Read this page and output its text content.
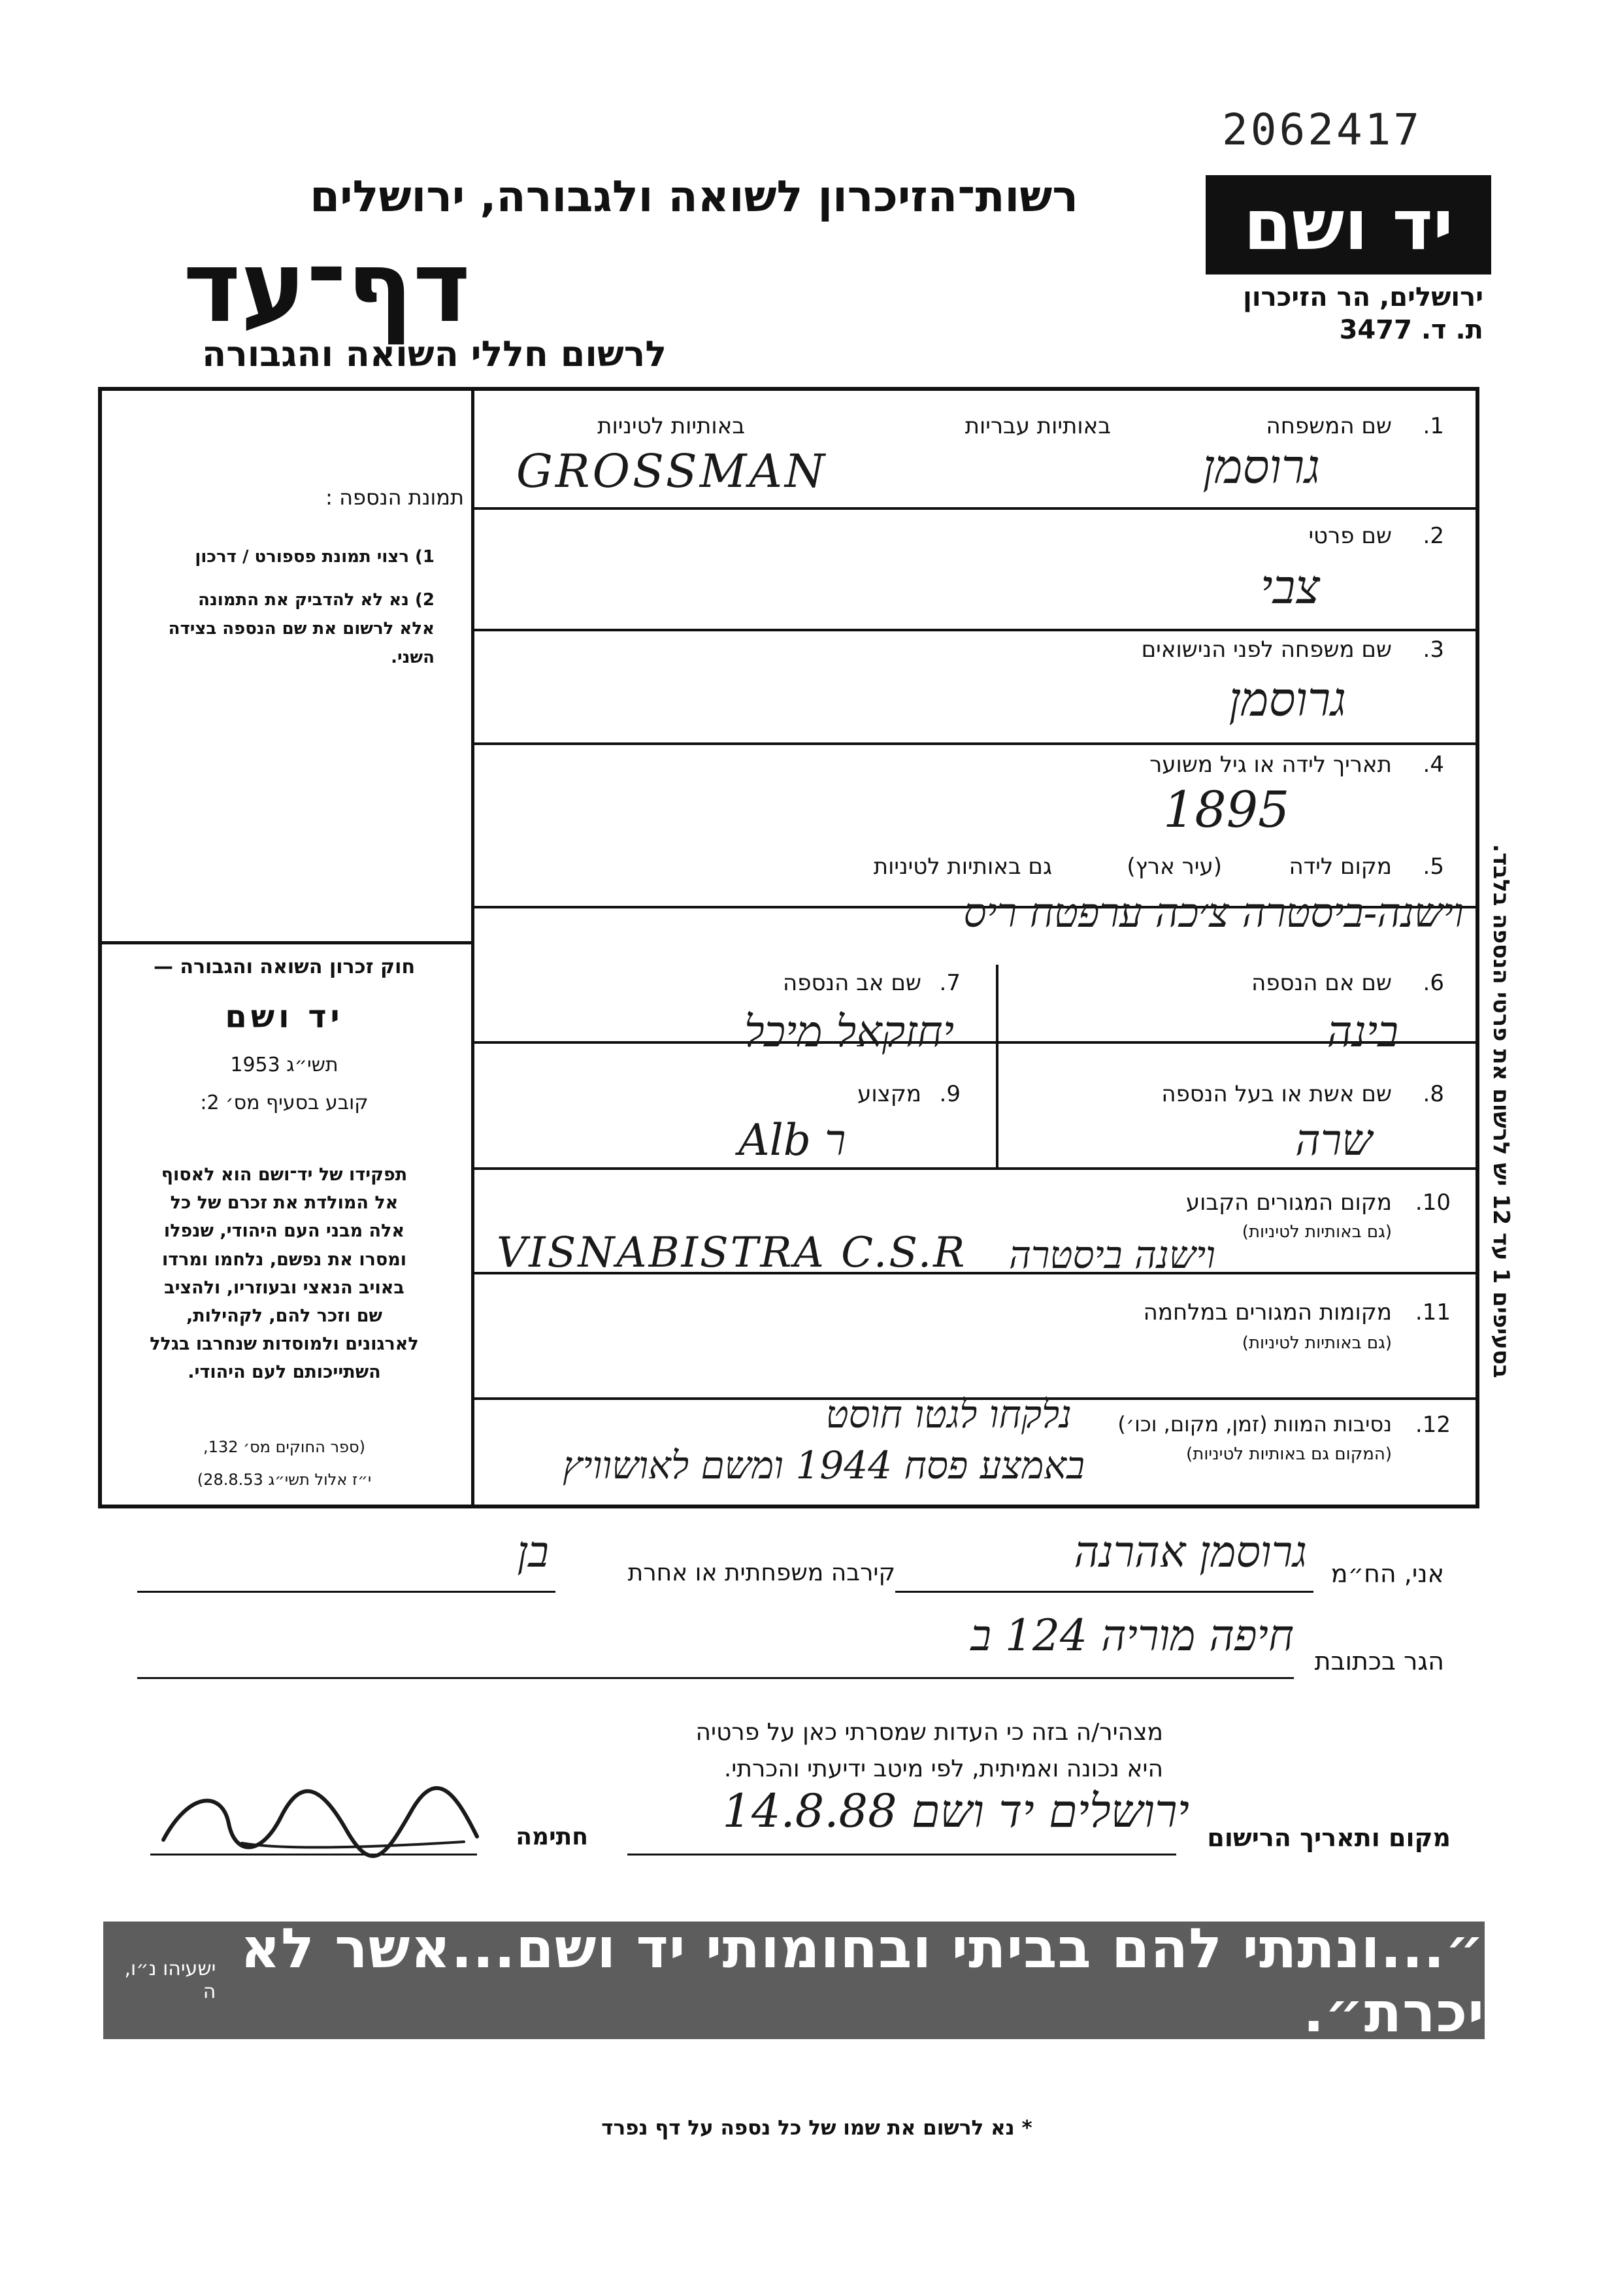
2062417
יד ושם
ירושלים, הר הזיכרון
ת. ד. 3477
רשות־הזיכרון לשואה ולגבורה, ירושלים
דף־עד
לרשום חללי השואה והגבורה
1.
שם המשפחה
באותיות עבריות
באותיות לטיניות
גרוסמן
GROSSMAN
2.
שם פרטי
צבי
3.
שם משפחה לפני הנישואים
גרוסמן
4.
תאריך לידה או גיל משוער
1895
5.
מקום לידה
(עיר ארץ)
גם באותיות לטיניות
וישנה-ביסטרה צ׳כה ערפטח ריס
6.
שם אם הנספה
בינה
7.
שם אב הנספה
יחזקאל מיכל
8.
שם אשת או בעל הנספה
שרה
9.
מקצוע
Alb ר
10.
מקום המגורים הקבוע
(גם באותיות לטיניות)
VISNABISTRA C.S.R	וישנה ביסטרה
11.
מקומות המגורים במלחמה
(גם באותיות לטיניות)
12.
נסיבות המוות (זמן, מקום, וכו׳)
(המקום גם באותיות לטיניות)
נלקחו לגטו חוסט
באמצע פסח 1944 ומשם לאושוויץ
תמונת הנספה :
1) רצוי תמונת פספורט / דרכון
2) נא לא להדביק את התמונה
אלא לרשום את שם הנספה בצידה
השני.
חוק זכרון השואה והגבורה —
יד ושם
תשי״ג 1953
קובע בסעיף מס׳ 2:
תפקידו של יד־ושם הוא לאסוף
אל המולדת את זכרם של כל
אלה מבני העם היהודי, שנפלו
ומסרו את נפשם, נלחמו ומרדו
באויב הנאצי ובעוזריו, ולהציב
שם וזכר להם, לקהילות,
לארגונים ולמוסדות שנחרבו בגלל
השתייכותם לעם היהודי.
(ספר החוקים מס׳ 132,
י״ז אלול תשי״ג 28.8.53)
בסעיפים 1 עד 12 יש לרשום את פרטי הנספה בלבד.
אני, הח״מ
גרוסמן אהרנה
קירבה משפחתית או אחרת
בן
הגר בכתובת
חיפה מוריה 124 ב
מצהיר/ה בזה כי העדות שמסרתי כאן על פרטיה
היא נכונה ואמיתית, לפי מיטב ידיעתי והכרתי.
מקום ותאריך הרישום
ירושלים יד ושם 14.8.88
חתימה
״...ונתתי להם בביתי ובחומותי יד ושם...אשר לא יכרת״.
ישעיהו נ״ו, ה
* נא לרשום את שמו של כל נספה על דף נפרד
